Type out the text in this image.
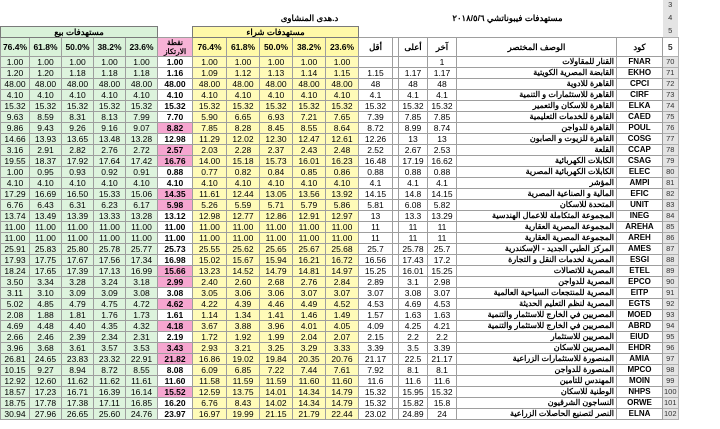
																	3
							د.هدى المنشاوى						مستهدفات فيبوناتشي ٢٠١٨/٥/٦				4
مستهدفات بيع						مستهدفات شراء											5
76.4%	61.8%	50.0%	38.2%	23.6%	نقطة الارتكاز	76.4%	61.8%	50.0%	38.2%	23.6%	أقل		أعلى	آخر	الوصف المختصر	كود	5
1.00	1.00	1.00	1.00	1.00	1.00	1.00	1.00	1.00	1.00	1.00				1	القنار للمقاولات	FNAR	70
1.20	1.20	1.18	1.18	1.18	1.16	1.09	1.12	1.13	1.14	1.15	1.15		1.17	1.17	القابضة المصرية الكويتية	EKHO	71
48.00	48.00	48.00	48.00	48.00	48.00	48.00	48.00	48.00	48.00	48.00	48		48	48	القاهرة للادوية	CPCI	72
4.10	4.10	4.10	4.10	4.10	4.10	4.10	4.10	4.10	4.10	4.10	4.1		4.1	4.1	القاهرة للاستثمارات و التنمية	CIRF	73
15.32	15.32	15.32	15.32	15.32	15.32	15.32	15.32	15.32	15.32	15.32	15.32		15.32	15.32	القاهرة للاسكان والتعمير	ELKA	74
9.63	8.59	8.31	8.13	7.99	7.70	5.90	6.65	6.93	7.21	7.65	7.39		7.85	7.85	القاهرة للخدمات التعليمية	CAED	75
9.86	9.43	9.26	9.16	9.07	8.82	7.85	8.28	8.45	8.55	8.64	8.72		8.99	8.74	القاهرة للدواجن	POUL	76
14.66	13.93	13.65	13.48	13.28	12.98	11.29	12.02	12.30	12.47	12.61	12.26		13	13	القاهرة للزيوت و الصابون	COSG	77
3.16	2.91	2.82	2.76	2.72	2.57	2.03	2.28	2.37	2.43	2.48	2.52		2.67	2.53	القلعة	CCAP	78
19.55	18.37	17.92	17.64	17.42	16.76	14.00	15.18	15.73	16.01	16.23	16.48		17.19	16.62	الكابلات الكهربائية	CSAG	79
1.00	0.95	0.93	0.92	0.91	0.88	0.77	0.82	0.84	0.85	0.86	0.88		0.88	0.88	الكابلات الكهربائية المصرية	ELEC	80
4.10	4.10	4.10	4.10	4.10	4.10	4.10	4.10	4.10	4.10	4.10	4.1		4.1	4.1	المؤشر	AMPI	81
17.29	16.69	16.50	15.33	15.06	14.35	11.61	12.44	13.05	13.56	13.92	14.15		14.8	14.15	المالية و الصناعية المصرية	EFIC	82
6.76	6.43	6.31	6.23	6.17	5.98	5.26	5.59	5.71	5.79	5.86	5.81		6.08	5.82	المتحدة للاسكان	UNIT	83
13.74	13.49	13.39	13.33	13.28	13.12	12.98	12.77	12.86	12.91	12.97	13		13.3	13.29	المجموعة المتكاملة للاعمال الهندسية	INEG	84
11.00	11.00	11.00	11.00	11.00	11.00	11.00	11.00	11.00	11.00	11.00	11		11	11	المجموعة المصرية العقارية	AREHA	85
11.00	11.00	11.00	11.00	11.00	11.00	11.00	11.00	11.00	11.00	11.00	11		11	11	المجموعة المصرية العقارية	AREH	86
25.91	25.83	25.80	25.78	25.77	25.73	25.55	25.62	25.65	25.67	25.68	25.7		25.78	25.7	المركز الطبي الجديد - الإسكندرية	AMES	87
17.93	17.75	17.67	17.56	17.34	16.98	15.02	15.67	15.94	16.21	16.72	16.56		17.43	17.2	المصرية لخدمات النقل و التجارة	ESGI	88
18.24	17.65	17.39	17.13	16.99	15.66	13.23	14.52	14.79	14.81	14.97	15.25		16.01	15.25	المصرية للاتصالات	ETEL	89
3.50	3.34	3.28	3.24	3.18	2.99	2.40	2.60	2.68	2.76	2.84	2.89		3.1	2.98	المصرية للدواجن	EPCO	90
3.11	3.10	3.09	3.09	3.08	3.08	3.05	3.06	3.06	3.07	3.07	3.07		3.08	3.07	المصرية للمنتجعات السياحية العالمية	EITP	91
5.02	4.85	4.79	4.75	4.72	4.62	4.22	4.39	4.46	4.49	4.52	4.53		4.69	4.53	المصرية لنظم التعليم الحديثة	EGTS	92
2.08	1.88	1.81	1.76	1.73	1.61	1.14	1.34	1.41	1.46	1.49	1.57		1.63	1.63	المصريين في الخارج للاستثمار والتنمية	MOED	93
4.69	4.48	4.40	4.35	4.32	4.18	3.67	3.88	3.96	4.01	4.05	4.09		4.25	4.21	المصريين في الخارج للاستثمار والتنمية	ABRD	94
2.66	2.46	2.39	2.34	2.31	2.19	1.72	1.92	1.99	2.04	2.07	2.15		2.2	2.2	المصريين للاستثمار	EIUD	95
3.96	3.68	3.61	3.57	3.53	3.43	2.93	3.21	3.25	3.29	3.33	3.39		3.5	3.39	المصريين للاسكان	EHDR	96
26.81	24.65	23.83	23.32	22.91	21.82	16.86	19.02	19.84	20.35	20.76	21.17		22.5	21.17	المنصورة للاستثمارات الزراعية	AMIA	97
10.15	9.27	8.94	8.72	8.55	8.08	6.09	6.85	7.22	7.44	7.61	7.92		8.1	8.1	المنصورة للدواجن	MPCO	98
12.92	12.60	11.62	11.62	11.61	11.60	11.58	11.59	11.59	11.60	11.60	11.6		11.6	11.6	المهندس للتأمين	MOIN	99
18.57	17.23	16.71	16.39	16.14	15.52	12.59	13.75	14.01	14.34	14.79	15.32		15.95	15.32	الوطنية للاسكان	NHPS	100
18.75	17.78	17.38	17.11	16.85	16.20	6.76	8.43	14.02	14.34	14.79	15.32		15.82	15.8	النساجون الشرقيون	ORWE	101
30.94	27.96	26.65	25.60	24.76	23.97	16.97	19.99	21.15	21.79	22.44	23.02		24.89	24	النصر لتصنيع الحاصلات الزراعية	ELNA	102
